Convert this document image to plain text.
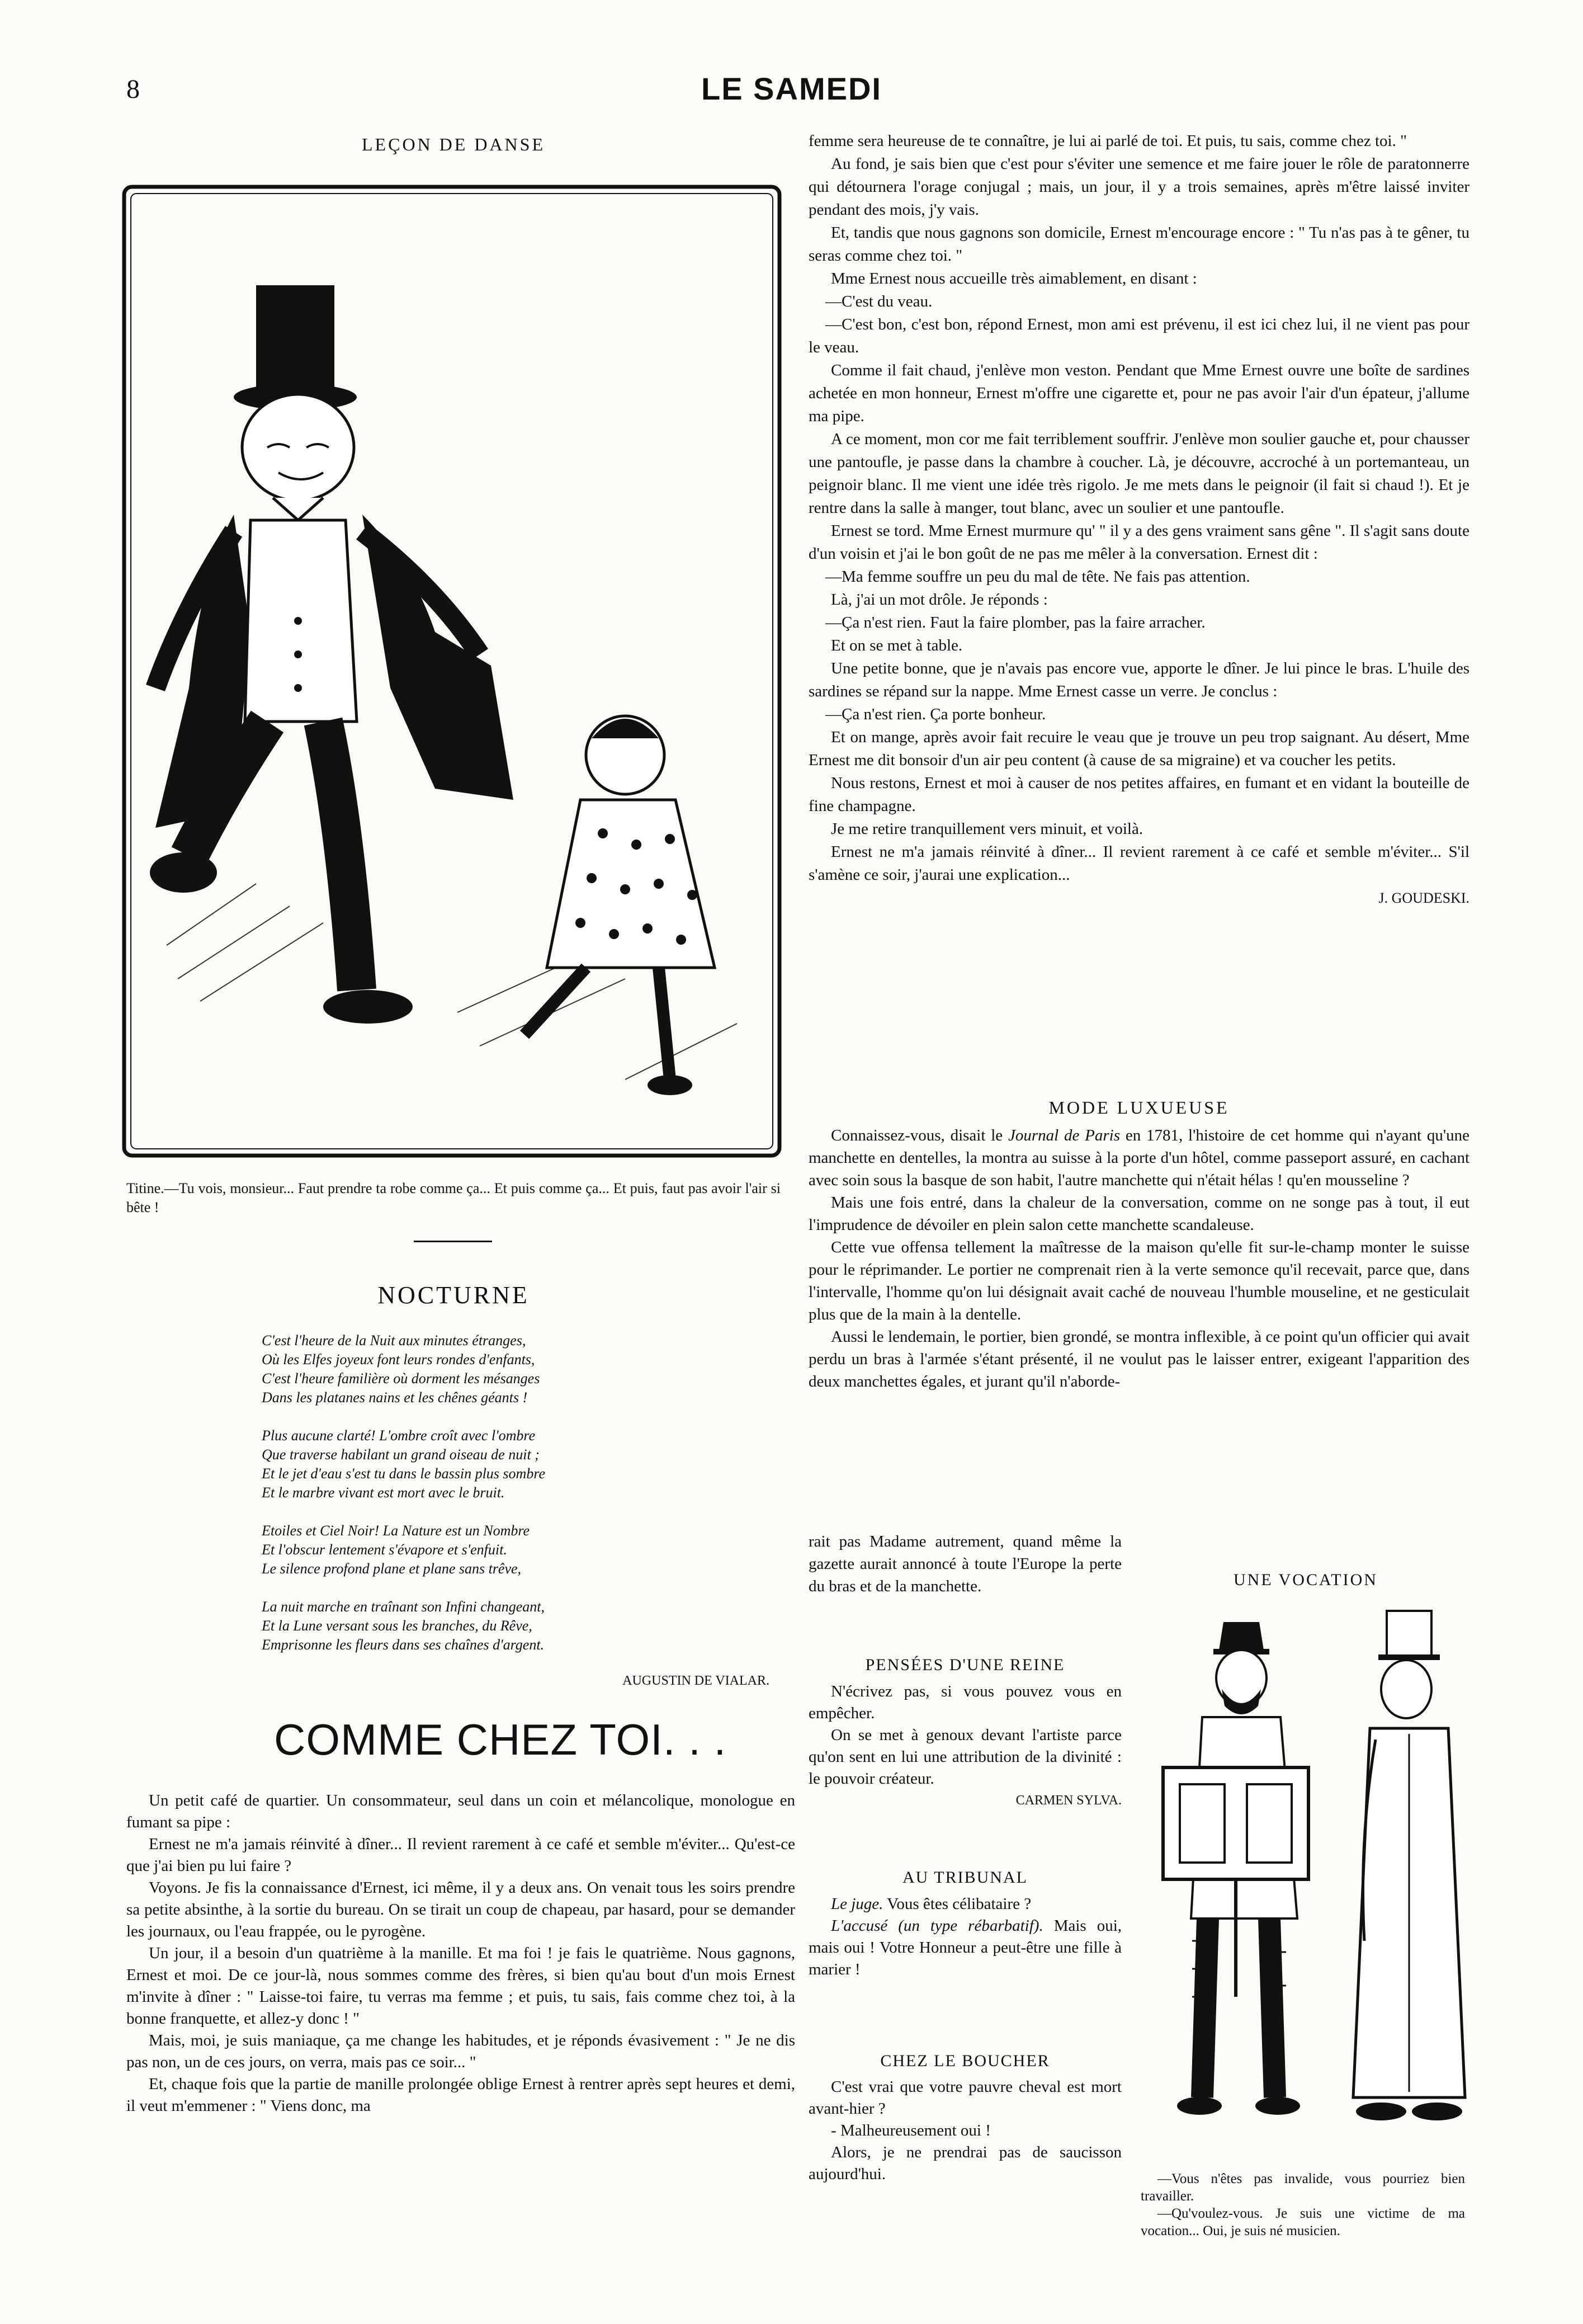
8	LE SAMEDI
LEÇON DE DANSE
Titine.—Tu vois, monsieur... Faut prendre ta robe comme ça... Et puis comme ça... Et puis, faut pas avoir l'air si bête !
NOCTURNE
C'est l'heure de la Nuit aux minutes étranges,
Où les Elfes joyeux font leurs rondes d'enfants,
C'est l'heure familière où dorment les mésanges
Dans les platanes nains et les chênes géants !
Plus aucune clarté! L'ombre croît avec l'ombre
Que traverse habilant un grand oiseau de nuit ;
Et le jet d'eau s'est tu dans le bassin plus sombre
Et le marbre vivant est mort avec le bruit.
Etoiles et Ciel Noir! La Nature est un Nombre
Et l'obscur lentement s'évapore et s'enfuit.
Le silence profond plane et plane sans trêve,
La nuit marche en traînant son Infini changeant,
Et la Lune versant sous les branches, du Rêve,
Emprisonne les fleurs dans ses chaînes d'argent.
AUGUSTIN DE VIALAR.
COMME CHEZ TOI. . .

Un petit café de quartier. Un consommateur, seul dans un coin et mélancolique, monologue en fumant sa pipe :

Ernest ne m'a jamais réinvité à dîner... Il revient rarement à ce café et semble m'éviter... Qu'est-ce que j'ai bien pu lui faire ?

Voyons. Je fis la connaissance d'Ernest, ici même, il y a deux ans. On venait tous les soirs prendre sa petite absinthe, à la sortie du bureau. On se tirait un coup de chapeau, par hasard, pour se demander les journaux, ou l'eau frappée, ou le pyrogène.

Un jour, il a besoin d'un quatrième à la manille. Et ma foi ! je fais le quatrième. Nous gagnons, Ernest et moi. De ce jour-là, nous sommes comme des frères, si bien qu'au bout d'un mois Ernest m'invite à dîner : " Laisse-toi faire, tu verras ma femme ; et puis, tu sais, fais comme chez toi, à la bonne franquette, et allez-y donc ! "

Mais, moi, je suis maniaque, ça me change les habitudes, et je réponds évasivement : " Je ne dis pas non, un de ces jours, on verra, mais pas ce soir... "

Et, chaque fois que la partie de manille prolongée oblige Ernest à rentrer après sept heures et demi, il veut m'emmener : " Viens donc, ma

femme sera heureuse de te connaître, je lui ai parlé de toi. Et puis, tu sais, comme chez toi. "

Au fond, je sais bien que c'est pour s'éviter une semence et me faire jouer le rôle de paratonnerre qui détournera l'orage conjugal ; mais, un jour, il y a trois semaines, après m'être laissé inviter pendant des mois, j'y vais.

Et, tandis que nous gagnons son domicile, Ernest m'encourage encore : " Tu n'as pas à te gêner, tu seras comme chez toi. "

Mme Ernest nous accueille très aimablement, en disant :

—C'est du veau.

—C'est bon, c'est bon, répond Ernest, mon ami est prévenu, il est ici chez lui, il ne vient pas pour le veau.

Comme il fait chaud, j'enlève mon veston. Pendant que Mme Ernest ouvre une boîte de sardines achetée en mon honneur, Ernest m'offre une cigarette et, pour ne pas avoir l'air d'un épateur, j'allume ma pipe.

A ce moment, mon cor me fait terriblement souffrir. J'enlève mon soulier gauche et, pour chausser une pantoufle, je passe dans la chambre à coucher. Là, je découvre, accroché à un portemanteau, un peignoir blanc. Il me vient une idée très rigolo. Je me mets dans le peignoir (il fait si chaud !). Et je rentre dans la salle à manger, tout blanc, avec un soulier et une pantoufle.

Ernest se tord. Mme Ernest murmure qu' " il y a des gens vraiment sans gêne ". Il s'agit sans doute d'un voisin et j'ai le bon goût de ne pas me mêler à la conversation. Ernest dit :

—Ma femme souffre un peu du mal de tête. Ne fais pas attention.

Là, j'ai un mot drôle. Je réponds :

—Ça n'est rien. Faut la faire plomber, pas la faire arracher.

Et on se met à table.

Une petite bonne, que je n'avais pas encore vue, apporte le dîner. Je lui pince le bras. L'huile des sardines se répand sur la nappe. Mme Ernest casse un verre. Je conclus :

—Ça n'est rien. Ça porte bonheur.

Et on mange, après avoir fait recuire le veau que je trouve un peu trop saignant. Au désert, Mme Ernest me dit bonsoir d'un air peu content (à cause de sa migraine) et va coucher les petits.

Nous restons, Ernest et moi à causer de nos petites affaires, en fumant et en vidant la bouteille de fine champagne.

Je me retire tranquillement vers minuit, et voilà.

Ernest ne m'a jamais réinvité à dîner... Il revient rarement à ce café et semble m'éviter... S'il s'amène ce soir, j'aurai une explication...

J. GOUDESKI.
MODE LUXUEUSE

Connaissez-vous, disait le Journal de Paris en 1781, l'histoire de cet homme qui n'ayant qu'une manchette en dentelles, la montra au suisse à la porte d'un hôtel, comme passeport assuré, en cachant avec soin sous la basque de son habit, l'autre manchette qui n'était hélas ! qu'en mousseline ?

Mais une fois entré, dans la chaleur de la conversation, comme on ne songe pas à tout, il eut l'imprudence de dévoiler en plein salon cette manchette scandaleuse.

Cette vue offensa tellement la maîtresse de la maison qu'elle fit sur-le-champ monter le suisse pour le réprimander. Le portier ne comprenait rien à la verte semonce qu'il recevait, parce que, dans l'intervalle, l'homme qu'on lui désignait avait caché de nouveau l'humble mouseline, et ne gesticulait plus que de la main à la dentelle.

Aussi le lendemain, le portier, bien grondé, se montra inflexible, à ce point qu'un officier qui avait perdu un bras à l'armée s'étant présenté, il ne voulut pas le laisser entrer, exigeant l'apparition des deux manchettes égales, et jurant qu'il n'aborde-

rait pas Madame autrement, quand même la gazette aurait annoncé à toute l'Europe la perte du bras et de la manchette.

PENSÉES D'UNE REINE

N'écrivez pas, si vous pouvez vous en empêcher.

On se met à genoux devant l'artiste parce qu'on sent en lui une attribution de la divinité : le pouvoir créateur.

CARMEN SYLVA.
AU TRIBUNAL

Le juge. Vous êtes célibataire ?

L'accusé (un type rébarbatif). Mais oui, mais oui ! Votre Honneur a peut-être une fille à marier !

CHEZ LE BOUCHER

C'est vrai que votre pauvre cheval est mort avant-hier ?

- Malheureusement oui !

Alors, je ne prendrai pas de saucisson aujourd'hui.

UNE VOCATION
—Vous n'êtes pas invalide, vous pourriez bien travailler.
—Qu'voulez-vous. Je suis une victime de ma vocation... Oui, je suis né musicien.
